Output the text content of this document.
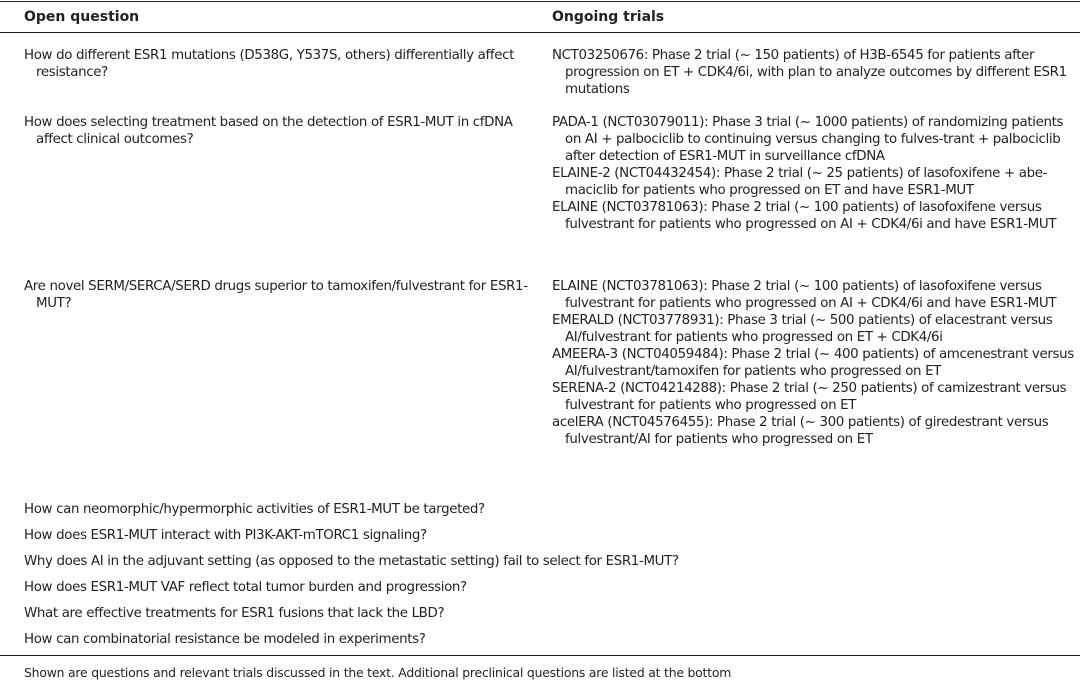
Open question	Ongoing trials
How do different ESR1 mutations (D538G, Y537S, others) differentially affect resistance?

NCT03250676: Phase 2 trial (~ 150 patients) of H3B-6545 for patients after progression on ET + CDK4/6i, with plan to analyze outcomes by different ESR1 mutations

How does selecting treatment based on the detection of ESR1-MUT in cfDNA affect clinical outcomes?

PADA-1 (NCT03079011): Phase 3 trial (~ 1000 patients) of randomizing patients on AI + palbociclib to continuing versus changing to fulves-trant + palbociclib after detection of ESR1-MUT in surveillance cfDNA

ELAINE-2 (NCT04432454): Phase 2 trial (~ 25 patients) of lasofoxifene + abe-maciclib for patients who progressed on ET and have ESR1-MUT

ELAINE (NCT03781063): Phase 2 trial (~ 100 patients) of lasofoxifene versus fulvestrant for patients who progressed on AI + CDK4/6i and have ESR1-MUT

Are novel SERM/SERCA/SERD drugs superior to tamoxifen/fulvestrant for ESR1-MUT?

ELAINE (NCT03781063): Phase 2 trial (~ 100 patients) of lasofoxifene versus fulvestrant for patients who progressed on AI + CDK4/6i and have ESR1-MUT

EMERALD (NCT03778931): Phase 3 trial (~ 500 patients) of elacestrant versus AI/fulvestrant for patients who progressed on ET + CDK4/6i

AMEERA-3 (NCT04059484): Phase 2 trial (~ 400 patients) of amcenestrant versus AI/fulvestrant/tamoxifen for patients who progressed on ET

SERENA-2 (NCT04214288): Phase 2 trial (~ 250 patients) of camizestrant versus fulvestrant for patients who progressed on ET

acelERA (NCT04576455): Phase 2 trial (~ 300 patients) of giredestrant versus fulvestrant/AI for patients who progressed on ET

How can neomorphic/hypermorphic activities of ESR1-MUT be targeted?
How does ESR1-MUT interact with PI3K-AKT-mTORC1 signaling?
Why does AI in the adjuvant setting (as opposed to the metastatic setting) fail to select for ESR1-MUT?
How does ESR1-MUT VAF reflect total tumor burden and progression?
What are effective treatments for ESR1 fusions that lack the LBD?
How can combinatorial resistance be modeled in experiments?
Shown are questions and relevant trials discussed in the text. Additional preclinical questions are listed at the bottom
